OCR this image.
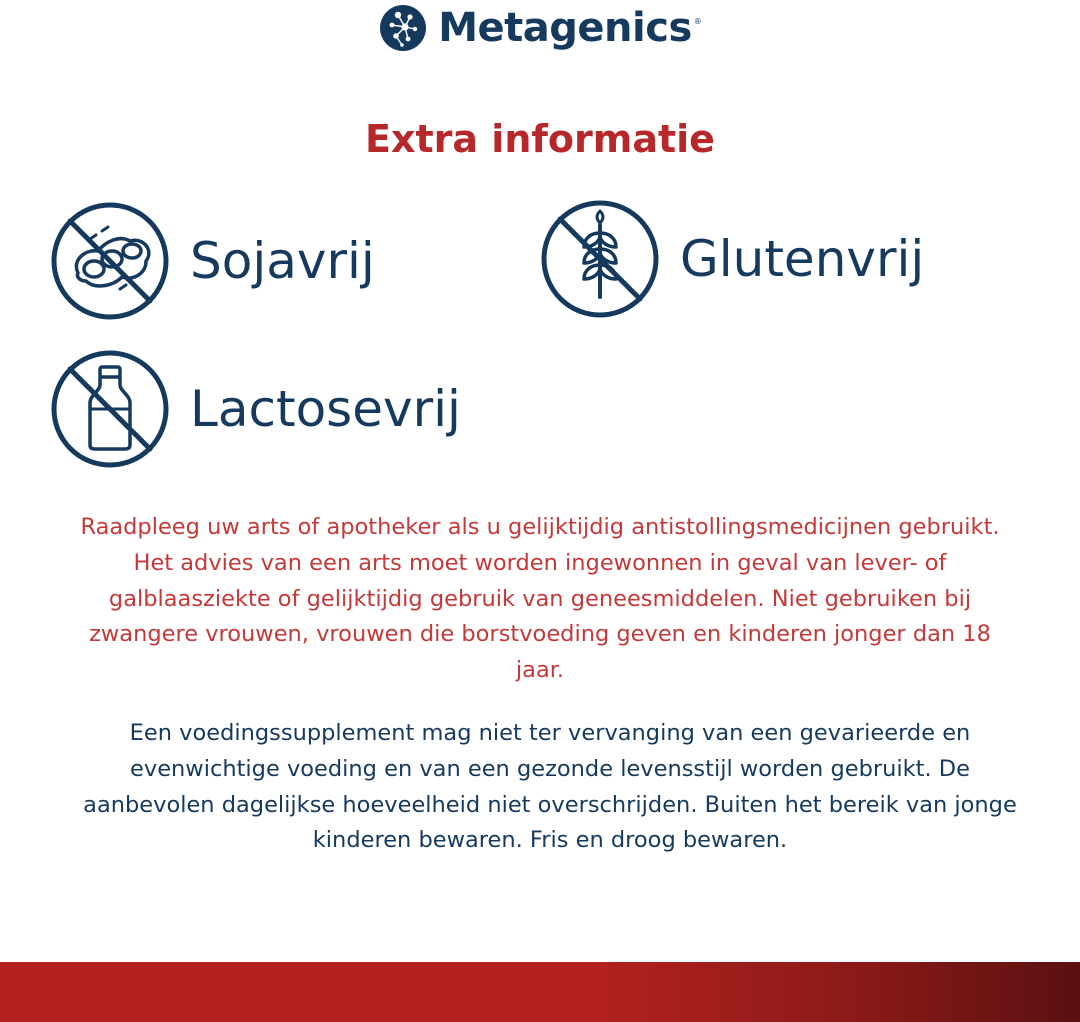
Metagenics ®
Extra informatie
Sojavrij	Glutenvrij
Lactosevrij

Raadpleeg uw arts of apotheker als u gelijktijdig antistollingsmedicijnen gebruikt. Het advies van een arts moet worden ingewonnen in geval van lever- of galblaasziekte of gelijktijdig gebruik van geneesmiddelen. Niet gebruiken bij zwangere vrouwen, vrouwen die borstvoeding geven en kinderen jonger dan 18 jaar.

Een voedingssupplement mag niet ter vervanging van een gevarieerde en evenwichtige voeding en van een gezonde levensstijl worden gebruikt. De aanbevolen dagelijkse hoeveelheid niet overschrijden. Buiten het bereik van jonge kinderen bewaren. Fris en droog bewaren.
